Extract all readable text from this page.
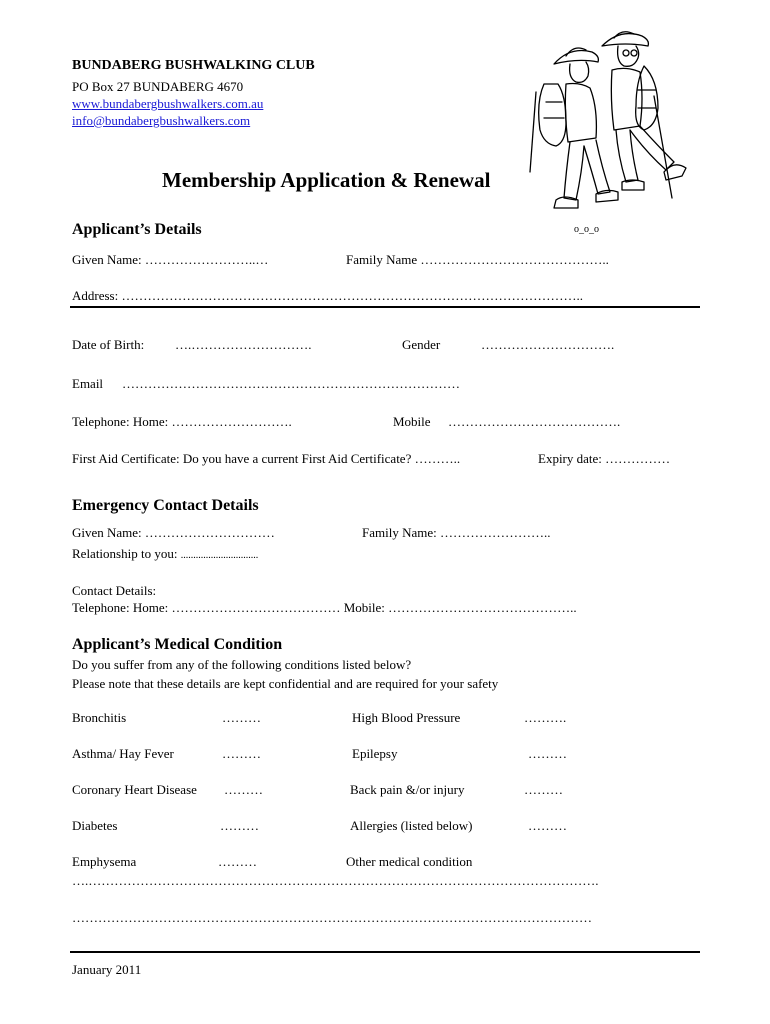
BUNDABERG BUSHWALKING CLUB
PO Box 27 BUNDABERG 4670
www.bundabergbushwalkers.com.au
info@bundabergbushwalkers.com
o_o_o
Membership Application & Renewal
Applicant’s Details
Given Name: ……………………..…	Family Name ……………………………………..
Address: ……………………………………………………………………………………………..
Date of Birth: ….……………………….	Gender	………………………….
Email ……………………………………………………………………
Telephone: Home: ……………………….	Mobile ………………………………….
First Aid Certificate: Do you have a current First Aid Certificate? ………..	Expiry date: ……………
Emergency Contact Details
Given Name: …………………………	Family Name: ……………………..
Relationship to you: ...............................
Contact Details:
Telephone: Home: ………………………………… Mobile: ……………………………………..
Applicant’s Medical Condition
Do you suffer from any of the following conditions listed below?
Please note that these details are kept confidential and are required for your safety
Bronchitis	………	High Blood Pressure	……….
Asthma/ Hay Fever	………	Epilepsy	………
Coronary Heart Disease ………	Back pain &/or injury	………
Diabetes	………	Allergies (listed below)	………
Emphysema	………	Other medical condition
….……………………………………………………………………………………………………….
…………………………………………………………………………………………………………
January 2011
